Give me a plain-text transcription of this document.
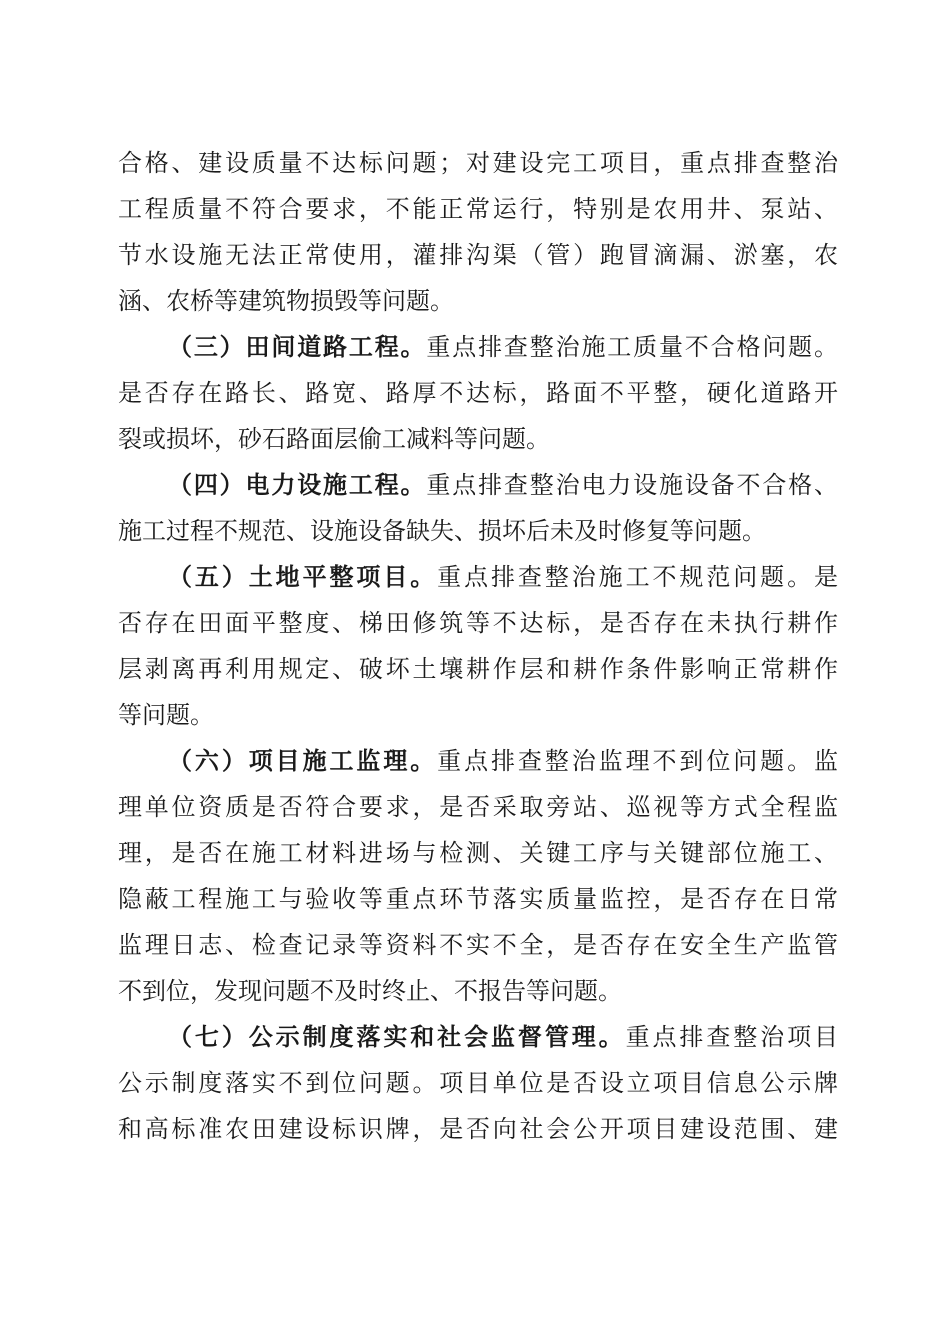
合格、建设质量不达标问题；对建设完工项目，重点排查整治
工程质量不符合要求，不能正常运行，特别是农用井、泵站、
节水设施无法正常使用，灌排沟渠（管）跑冒滴漏、淤塞，农
涵、农桥等建筑物损毁等问题。
（三）田间道路工程。重点排查整治施工质量不合格问题。
是否存在路长、路宽、路厚不达标，路面不平整，硬化道路开
裂或损坏，砂石路面层偷工减料等问题。
（四）电力设施工程。重点排查整治电力设施设备不合格、
施工过程不规范、设施设备缺失、损坏后未及时修复等问题。
（五）土地平整项目。重点排查整治施工不规范问题。是
否存在田面平整度、梯田修筑等不达标，是否存在未执行耕作
层剥离再利用规定、破坏土壤耕作层和耕作条件影响正常耕作
等问题。
（六）项目施工监理。重点排查整治监理不到位问题。监
理单位资质是否符合要求，是否采取旁站、巡视等方式全程监
理，是否在施工材料进场与检测、关键工序与关键部位施工、
隐蔽工程施工与验收等重点环节落实质量监控，是否存在日常
监理日志、检查记录等资料不实不全，是否存在安全生产监管
不到位，发现问题不及时终止、不报告等问题。
（七）公示制度落实和社会监督管理。重点排查整治项目
公示制度落实不到位问题。项目单位是否设立项目信息公示牌
和高标准农田建设标识牌，是否向社会公开项目建设范围、建
